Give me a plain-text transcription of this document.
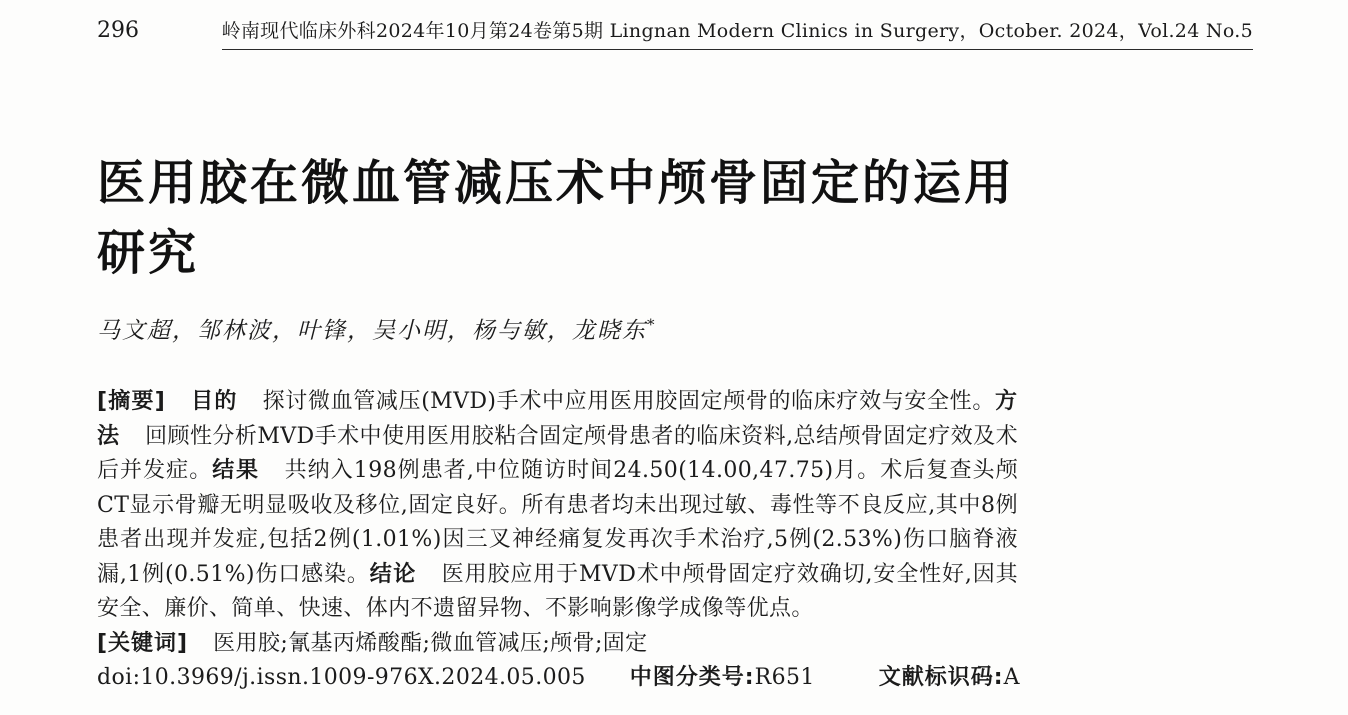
296	岭南现代临床外科2024年10月第24卷第5期 Lingnan Modern Clinics in Surgery，October. 2024，Vol.24 No.5
医用胶在微血管减压术中颅骨固定的运用
研究
马文超，邹林波，叶锋，吴小明，杨与敏，龙晓东*

[摘要] 目的 探讨微血管减压(MVD)手术中应用医用胶固定颅骨的临床疗效与安全性。方法 回顾性分析MVD手术中使用医用胶粘合固定颅骨患者的临床资料,总结颅骨固定疗效及术后并发症。结果 共纳入198例患者,中位随访时间24.50(14.00,47.75)月。术后复查头颅CT显示骨瓣无明显吸收及移位,固定良好。所有患者均未出现过敏、毒性等不良反应,其中8例患者出现并发症,包括2例(1.01%)因三叉神经痛复发再次手术治疗,5例(2.53%)伤口脑脊液漏,1例(0.51%)伤口感染。结论 医用胶应用于MVD术中颅骨固定疗效确切,安全性好,因其安全、廉价、简单、快速、体内不遗留异物、不影响影像学成像等优点。

[关键词] 医用胶;氰基丙烯酸酯;微血管减压;颅骨;固定
doi:10.3969/j.issn.1009-976X.2024.05.005 中图分类号:R651	文献标识码:A
